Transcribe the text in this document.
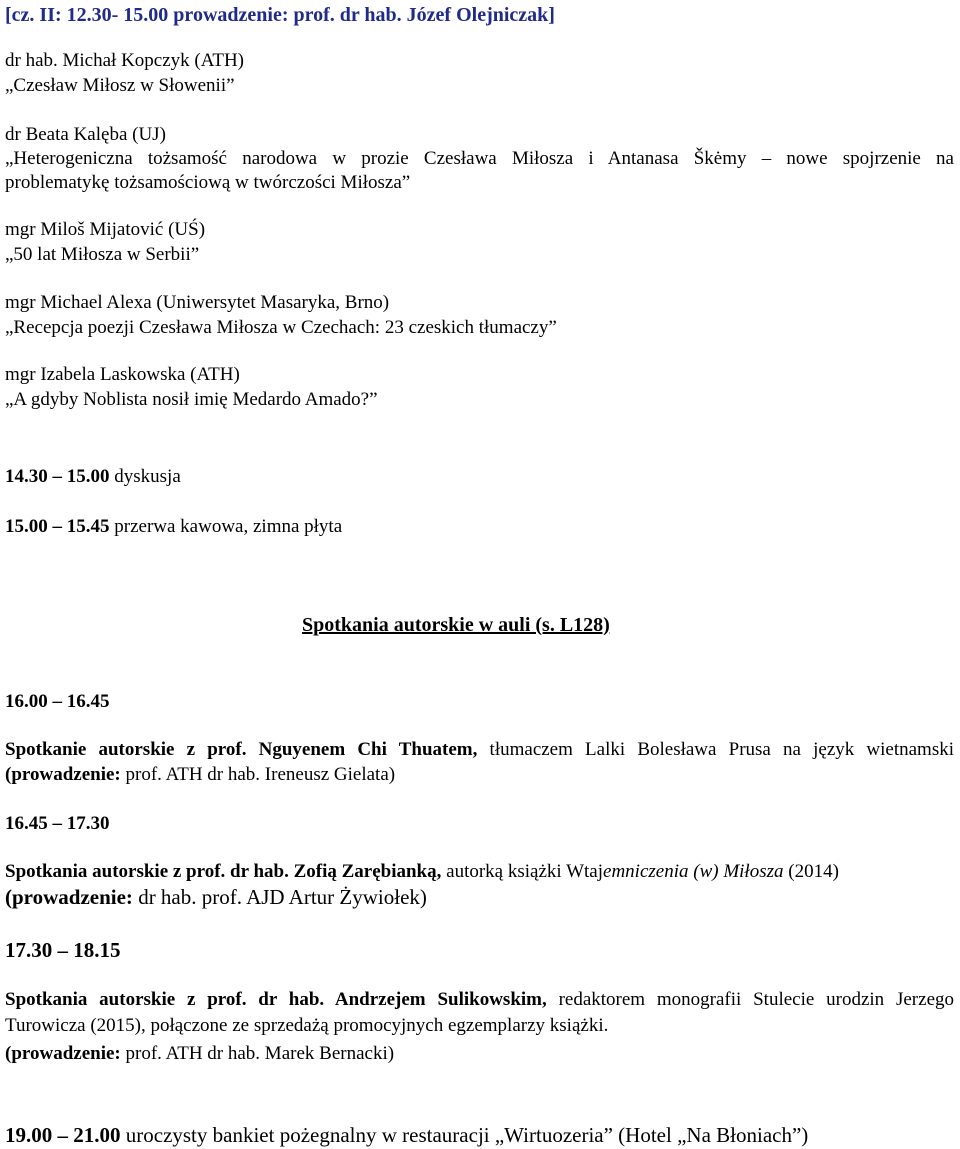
[cz. II: 12.30- 15.00 prowadzenie: prof. dr hab. Józef Olejniczak]
dr hab. Michał Kopczyk (ATH)
„Czesław Miłosz w Słowenii”
dr Beata Kalęba (UJ)
„Heterogeniczna tożsamość narodowa w prozie Czesława Miłosza i Antanasa Škėmy – nowe spojrzenie na
problematykę tożsamościową w twórczości Miłosza”
mgr Miloš Mijatović (UŚ)
„50 lat Miłosza w Serbii”
mgr Michael Alexa (Uniwersytet Masaryka, Brno)
„Recepcja poezji Czesława Miłosza w Czechach: 23 czeskich tłumaczy”
mgr Izabela Laskowska (ATH)
„A gdyby Noblista nosił imię Medardo Amado?”
14.30 – 15.00 dyskusja
15.00 – 15.45 przerwa kawowa, zimna płyta
Spotkania autorskie w auli (s. L128)
16.00 – 16.45
Spotkanie autorskie z prof. Nguyenem Chi Thuatem, tłumaczem Lalki Bolesława Prusa na język wietnamski
(prowadzenie: prof. ATH dr hab. Ireneusz Gielata)
16.45 – 17.30
Spotkania autorskie z prof. dr hab. Zofią Zarębianką, autorką książki Wtajemniczenia (w) Miłosza (2014)
(prowadzenie: dr hab. prof. AJD Artur Żywiołek)
17.30 – 18.15
Spotkania autorskie z prof. dr hab. Andrzejem Sulikowskim, redaktorem monografii Stulecie urodzin Jerzego
Turowicza (2015), połączone ze sprzedażą promocyjnych egzemplarzy książki.
(prowadzenie: prof. ATH dr hab. Marek Bernacki)
19.00 – 21.00 uroczysty bankiet pożegnalny w restauracji „Wirtuozeria” (Hotel „Na Błoniach”)
